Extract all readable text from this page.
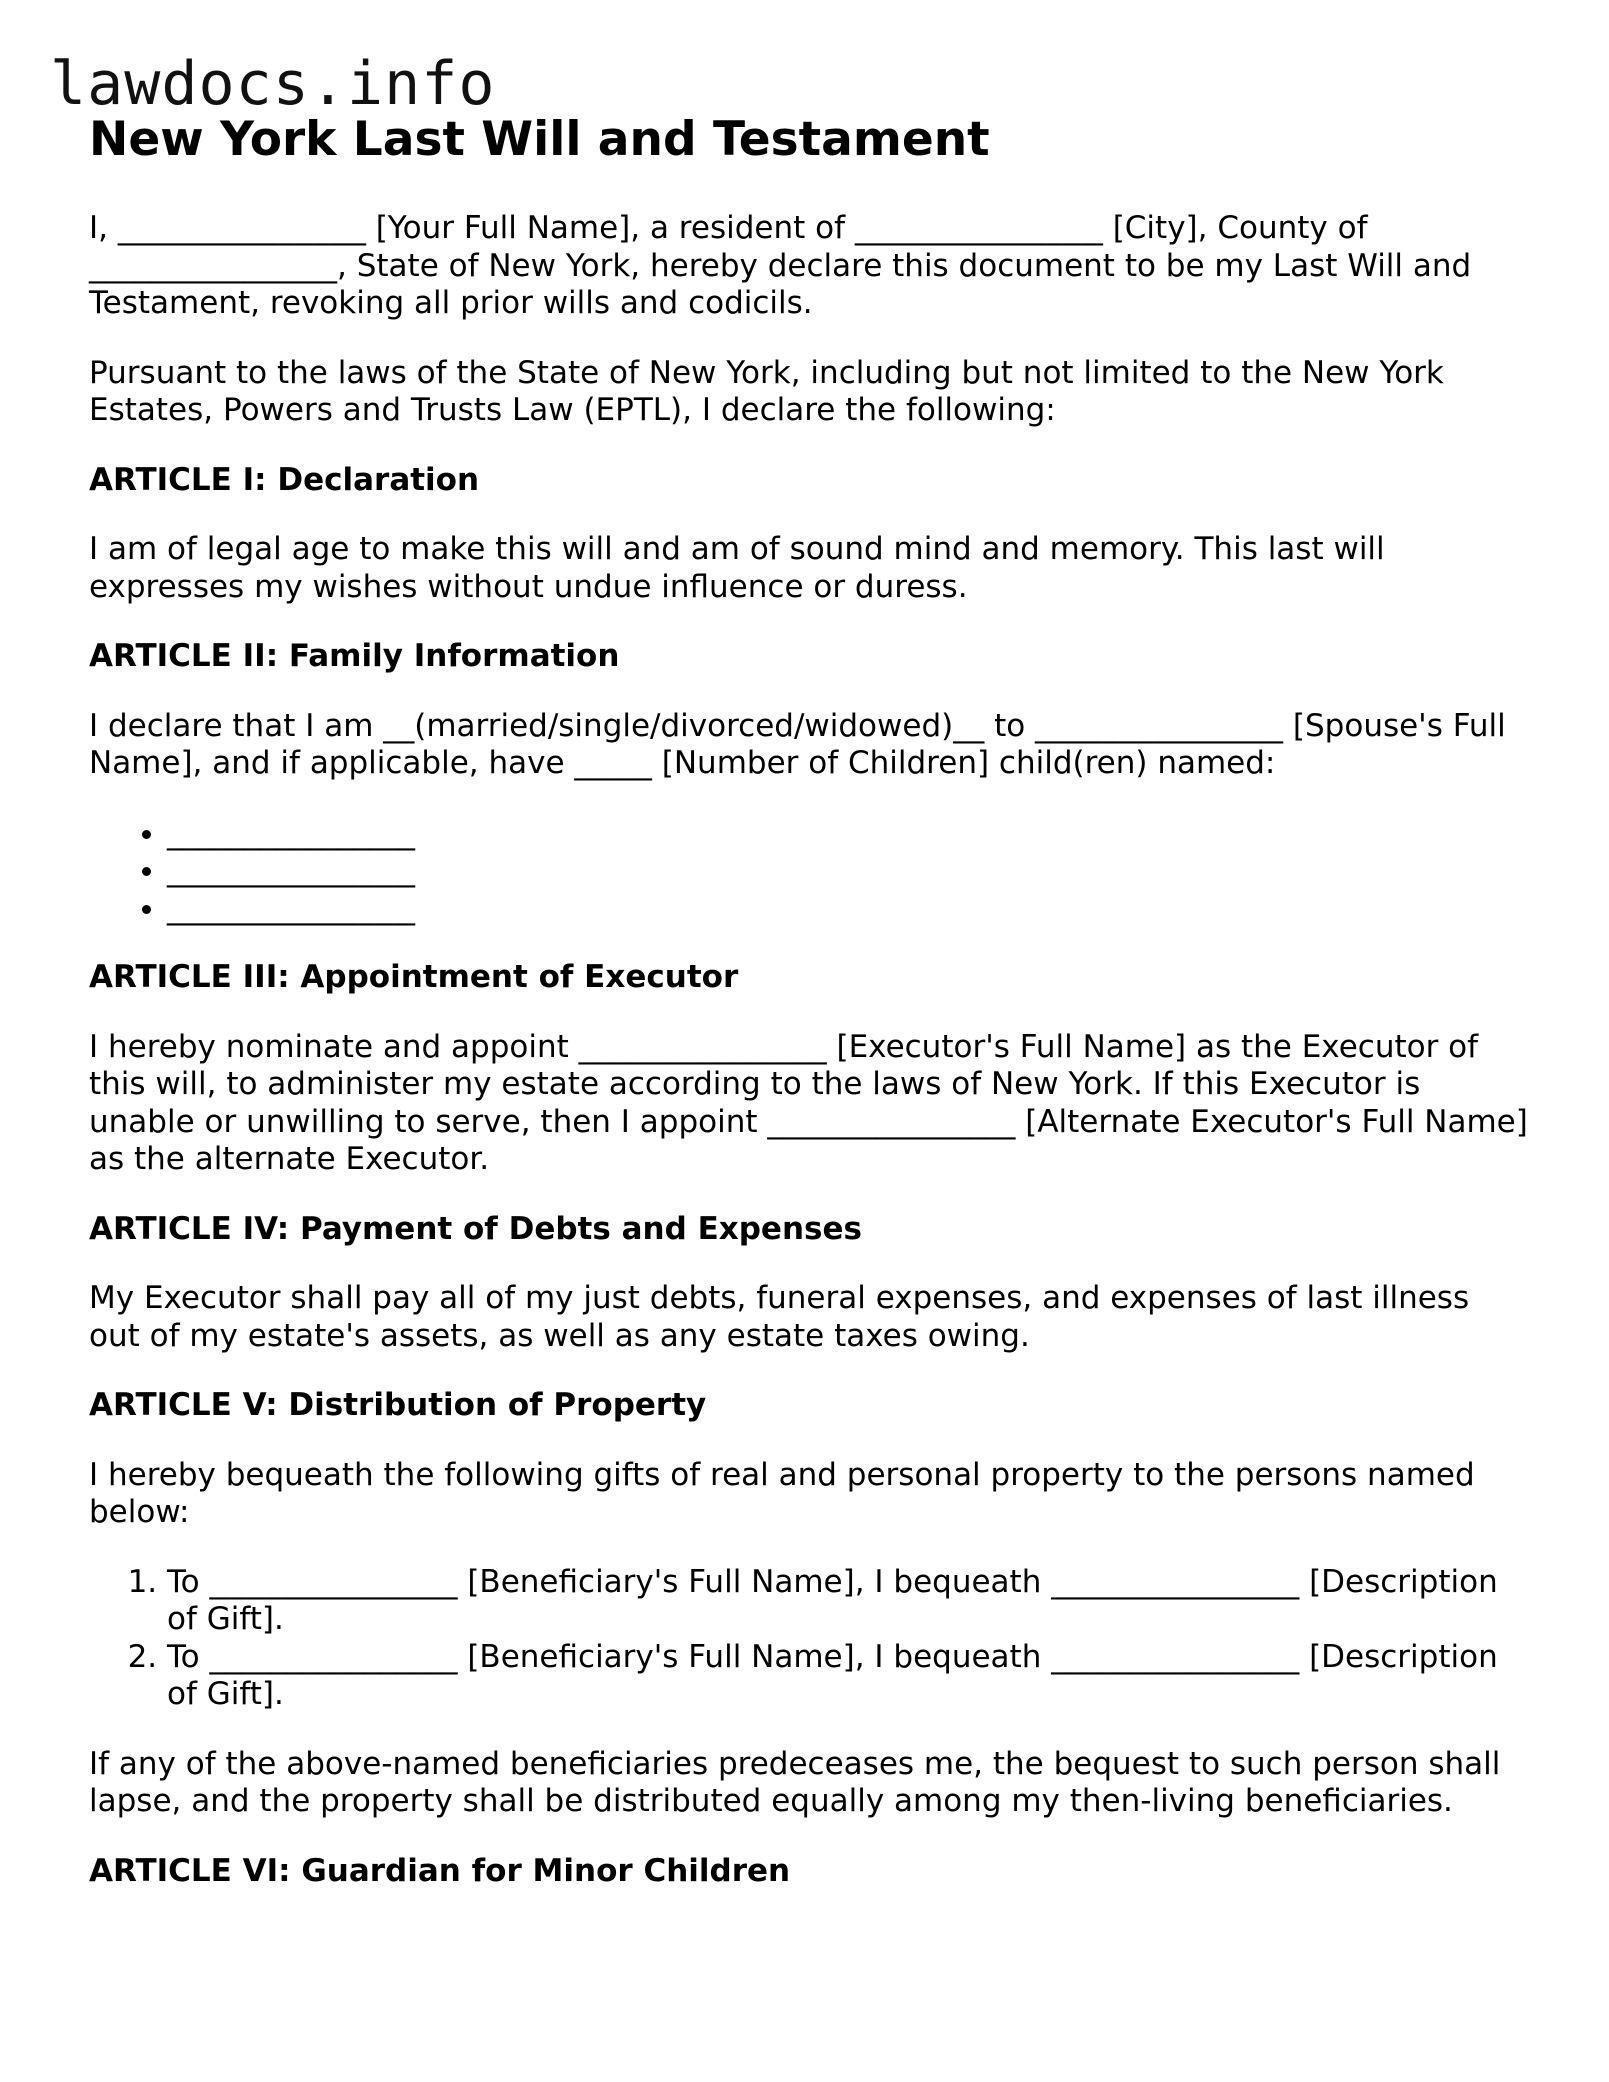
lawdocs.info
New York Last Will and Testament

I, ________________ [Your Full Name], a resident of ________________ [City], County of ________________, State of New York, hereby declare this document to be my Last Will and Testament, revoking all prior wills and codicils.

Pursuant to the laws of the State of New York, including but not limited to the New York Estates, Powers and Trusts Law (EPTL), I declare the following:

ARTICLE I: Declaration

I am of legal age to make this will and am of sound mind and memory. This last will expresses my wishes without undue influence or duress.

ARTICLE II: Family Information

I declare that I am __(married/single/divorced/widowed)__ to ________________ [Spouse's Full Name], and if applicable, have _____ [Number of Children] child(ren) named:

• ________________
• ________________
• ________________
ARTICLE III: Appointment of Executor

I hereby nominate and appoint ________________ [Executor's Full Name] as the Executor of this will, to administer my estate according to the laws of New York. If this Executor is unable or unwilling to serve, then I appoint ________________ [Alternate Executor's Full Name] as the alternate Executor.

ARTICLE IV: Payment of Debts and Expenses

My Executor shall pay all of my just debts, funeral expenses, and expenses of last illness out of my estate's assets, as well as any estate taxes owing.

ARTICLE V: Distribution of Property

I hereby bequeath the following gifts of real and personal property to the persons named below:

1. To ________________ [Beneficiary's Full Name], I bequeath ________________ [Description of Gift].
2. To ________________ [Beneficiary's Full Name], I bequeath ________________ [Description of Gift].

If any of the above-named beneficiaries predeceases me, the bequest to such person shall lapse, and the property shall be distributed equally among my then-living beneficiaries.

ARTICLE VI: Guardian for Minor Children
